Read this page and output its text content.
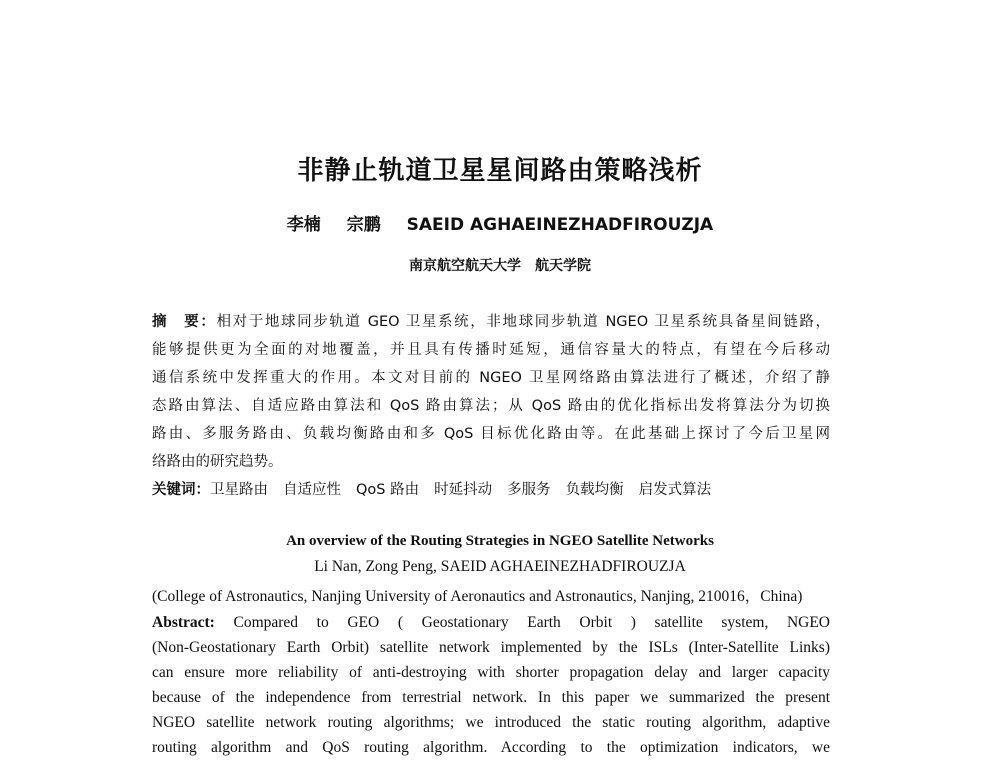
非静止轨道卫星星间路由策略浅析
李楠 宗鹏 SAEID AGHAEINEZHADFIROUZJA
南京航空航天大学　航天学院
摘　要：相对于地球同步轨道 GEO 卫星系统，非地球同步轨道 NGEO 卫星系统具备星间链路，
能够提供更为全面的对地覆盖，并且具有传播时延短，通信容量大的特点，有望在今后移动
通信系统中发挥重大的作用。本文对目前的 NGEO 卫星网络路由算法进行了概述，介绍了静
态路由算法、自适应路由算法和 QoS 路由算法；从 QoS 路由的优化指标出发将算法分为切换
路由、多服务路由、负载均衡路由和多 QoS 目标优化路由等。在此基础上探讨了今后卫星网
络路由的研究趋势。
关键词：卫星路由 自适应性 QoS 路由 时延抖动 多服务 负载均衡 启发式算法
An overview of the Routing Strategies in NGEO Satellite Networks
Li Nan, Zong Peng, SAEID AGHAEINEZHADFIROUZJA
(College of Astronautics, Nanjing University of Aeronautics and Astronautics, Nanjing, 210016，China)
Abstract: Compared to GEO ( Geostationary Earth Orbit ) satellite system, NGEO
(Non-Geostationary Earth Orbit) satellite network implemented by the ISLs (Inter-Satellite Links)
can ensure more reliability of anti-destroying with shorter propagation delay and larger capacity
because of the independence from terrestrial network. In this paper we summarized the present
NGEO satellite network routing algorithms; we introduced the static routing algorithm, adaptive
routing algorithm and QoS routing algorithm. According to the optimization indicators, we
